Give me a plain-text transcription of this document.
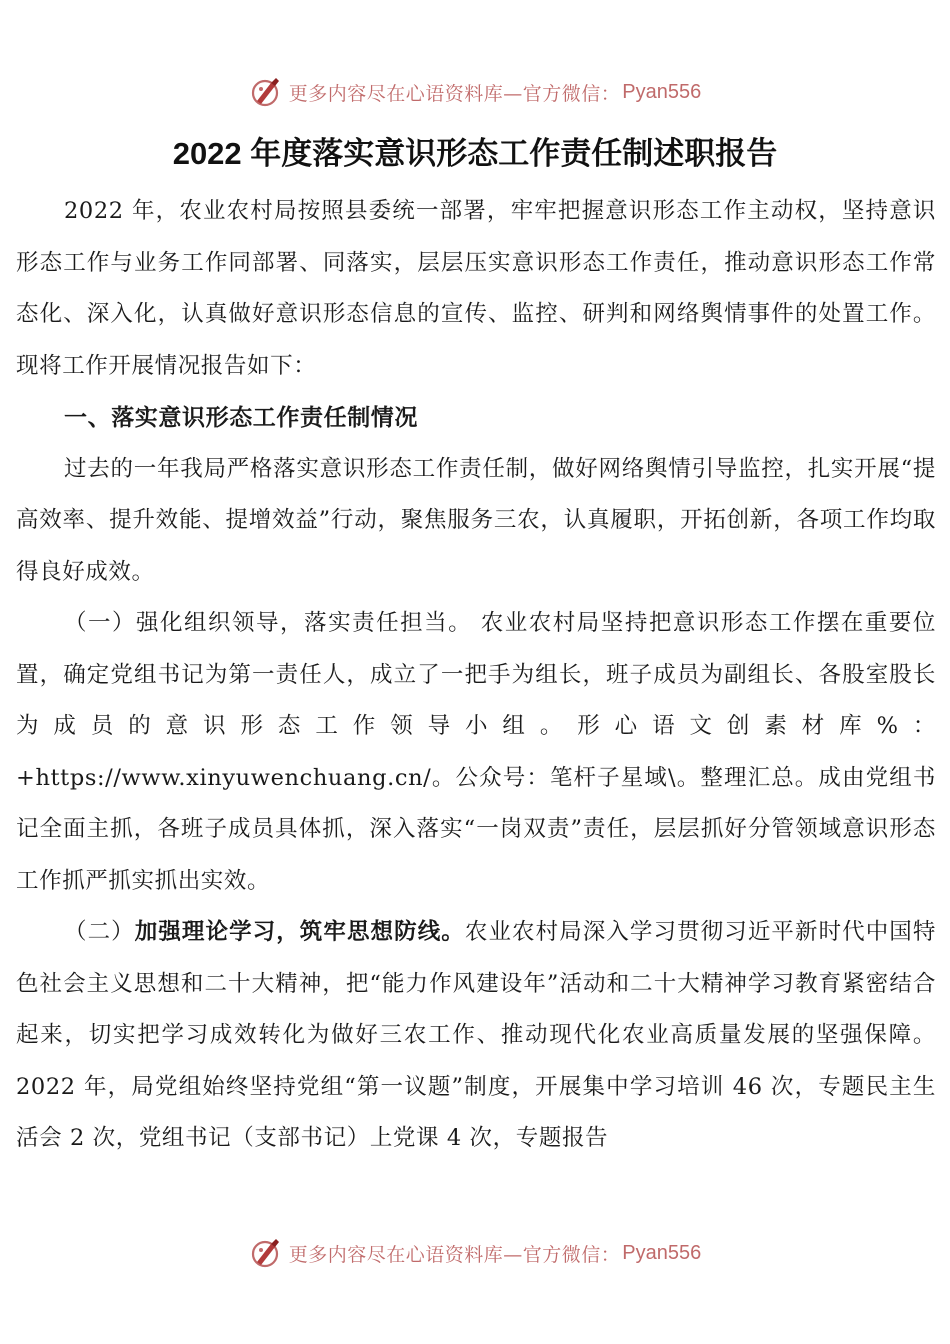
更多内容尽在心语资料库—官方微信： Pyan556
2022 年度落实意识形态工作责任制述职报告

2022 年，农业农村局按照县委统一部署，牢牢把握意识形态工作主动权，坚持意识形态工作与业务工作同部署、同落实，层层压实意识形态工作责任，推动意识形态工作常态化、深入化，认真做好意识形态信息的宣传、监控、研判和网络舆情事件的处置工作。现将工作开展情况报告如下：

一、落实意识形态工作责任制情况

过去的一年我局严格落实意识形态工作责任制，做好网络舆情引导监控，扎实开展“提高效率、提升效能、提增效益”行动，聚焦服务三农，认真履职，开拓创新，各项工作均取得良好成效。

（一）强化组织领导，落实责任担当。 农业农村局坚持把意识形态工作摆在重要位置，确定党组书记为第一责任人，成立了一把手为组长，班子成员为副组长、各股室股长为成员的意识形态工作领导小组。形心语文创素材库%：+https://www.xinyuwenchuang.cn/。公众号：笔杆子星域\。整理汇总。成由党组书记全面主抓，各班子成员具体抓，深入落实“一岗双责”责任，层层抓好分管领域意识形态工作抓严抓实抓出实效。

（二）加强理论学习，筑牢思想防线。农业农村局深入学习贯彻习近平新时代中国特色社会主义思想和二十大精神，把“能力作风建设年”活动和二十大精神学习教育紧密结合起来，切实把学习成效转化为做好三农工作、推动现代化农业高质量发展的坚强保障。2022 年，局党组始终坚持党组“第一议题”制度，开展集中学习培训 46 次，专题民主生活会 2 次，党组书记（支部书记）上党课 4 次，专题报告

更多内容尽在心语资料库—官方微信： Pyan556
